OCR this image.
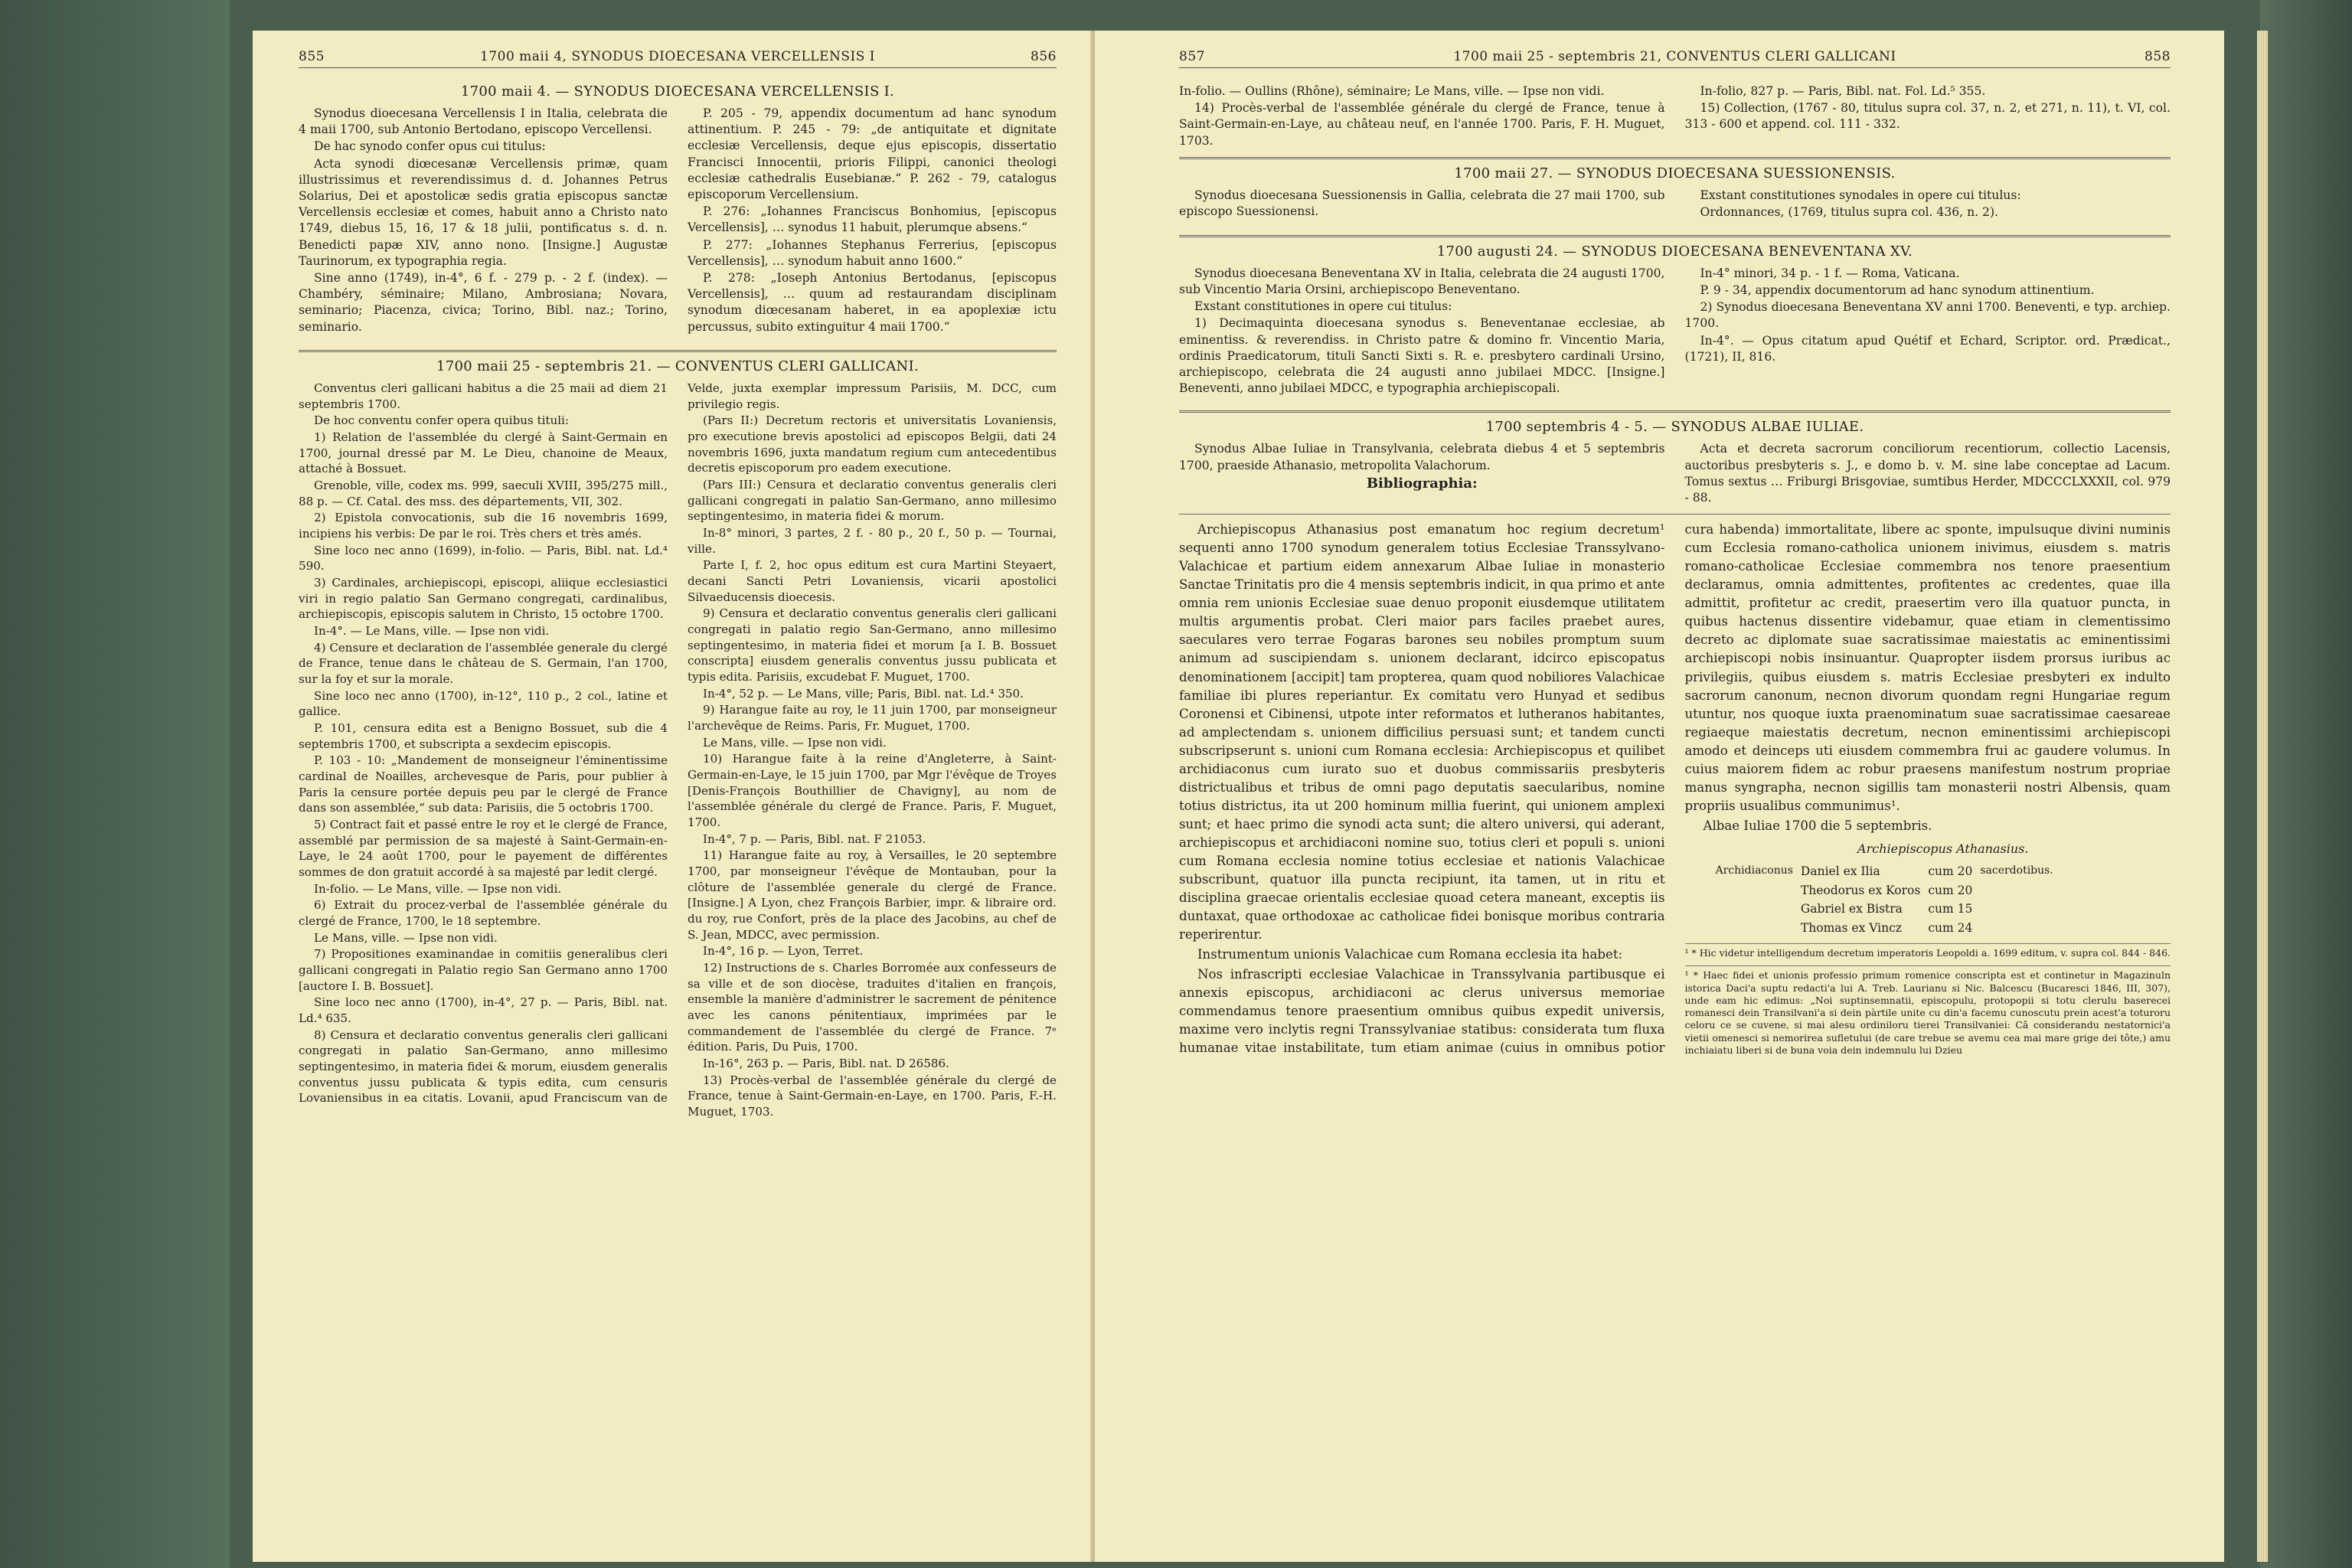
855	1700 maii 4, SYNODUS DIOECESANA VERCELLENSIS I	856
1700 maii 4. — SYNODUS DIOECESANA VERCELLENSIS I.

Synodus dioecesana Vercellensis I in Italia, celebrata die 4 maii 1700, sub Antonio Bertodano, episcopo Vercellensi.

De hac synodo confer opus cui titulus:

Acta synodi diœcesanæ Vercellensis primæ, quam illustrissimus et reverendissimus d. d. Johannes Petrus Solarius, Dei et apostolicæ sedis gratia episcopus sanctæ Vercellensis ecclesiæ et comes, habuit anno a Christo nato 1749, diebus 15, 16, 17 & 18 julii, pontificatus s. d. n. Benedicti papæ XIV, anno nono. [Insigne.] Augustæ Taurinorum, ex typographia regia.

Sine anno (1749), in-4°, 6 f. - 279 p. - 2 f. (index). — Chambéry, séminaire; Milano, Ambrosiana; Novara, seminario; Piacenza, civica; Torino, Bibl. naz.; Torino, seminario.

P. 205 - 79, appendix documentum ad hanc synodum attinentium. P. 245 - 79: „de antiquitate et dignitate ecclesiæ Vercellensis, deque ejus episcopis, dissertatio Francisci Innocentii, prioris Filippi, canonici theologi ecclesiæ cathedralis Eusebianæ.“ P. 262 - 79, catalogus episcoporum Vercellensium.

P. 276: „Iohannes Franciscus Bonhomius, [episcopus Vercellensis], … synodus 11 habuit, plerumque absens.“

P. 277: „Iohannes Stephanus Ferrerius, [episcopus Vercellensis], … synodum habuit anno 1600.“

P. 278: „Ioseph Antonius Bertodanus, [episcopus Vercellensis], … quum ad restaurandam disciplinam synodum diœcesanam haberet, in ea apoplexiæ ictu percussus, subito extinguitur 4 maii 1700.“

1700 maii 25 - septembris 21. — CONVENTUS CLERI GALLICANI.

Conventus cleri gallicani habitus a die 25 maii ad diem 21 septembris 1700.

De hoc conventu confer opera quibus tituli:

1) Relation de l'assemblée du clergé à Saint-Germain en 1700, journal dressé par M. Le Dieu, chanoine de Meaux, attaché à Bossuet.

Grenoble, ville, codex ms. 999, saeculi XVIII, 395/275 mill., 88 p. — Cf. Catal. des mss. des départements, VII, 302.

2) Epistola convocationis, sub die 16 novembris 1699, incipiens his verbis: De par le roi. Très chers et très amés.

Sine loco nec anno (1699), in-folio. — Paris, Bibl. nat. Ld.⁴ 590.

3) Cardinales, archiepiscopi, episcopi, aliique ecclesiastici viri in regio palatio San Germano congregati, cardinalibus, archiepiscopis, episcopis salutem in Christo, 15 octobre 1700.

In-4°. — Le Mans, ville. — Ipse non vidi.

4) Censure et declaration de l'assemblée generale du clergé de France, tenue dans le château de S. Germain, l'an 1700, sur la foy et sur la morale.

Sine loco nec anno (1700), in-12°, 110 p., 2 col., latine et gallice.

P. 101, censura edita est a Benigno Bossuet, sub die 4 septembris 1700, et subscripta a sexdecim episcopis.

P. 103 - 10: „Mandement de monseigneur l'éminentissime cardinal de Noailles, archevesque de Paris, pour publier à Paris la censure portée depuis peu par le clergé de France dans son assemblée,“ sub data: Parisiis, die 5 octobris 1700.

5) Contract fait et passé entre le roy et le clergé de France, assemblé par permission de sa majesté à Saint-Germain-en-Laye, le 24 août 1700, pour le payement de différentes sommes de don gratuit accordé à sa majesté par ledit clergé.

In-folio. — Le Mans, ville. — Ipse non vidi.

6) Extrait du procez-verbal de l'assemblée générale du clergé de France, 1700, le 18 septembre.

Le Mans, ville. — Ipse non vidi.

7) Propositiones examinandae in comitiis generalibus cleri gallicani congregati in Palatio regio San Germano anno 1700 [auctore I. B. Bossuet].

Sine loco nec anno (1700), in-4°, 27 p. — Paris, Bibl. nat. Ld.⁴ 635.

8) Censura et declaratio conventus generalis cleri gallicani congregati in palatio San-Germano, anno millesimo septingentesimo, in materia fidei & morum, eiusdem generalis conventus jussu publicata & typis edita, cum censuris Lovaniensibus in ea citatis. Lovanii, apud Franciscum van de Velde, juxta exemplar impressum Parisiis, M. DCC, cum privilegio regis.

(Pars II:) Decretum rectoris et universitatis Lovaniensis, pro executione brevis apostolici ad episcopos Belgii, dati 24 novembris 1696, juxta mandatum regium cum antecedentibus decretis episcoporum pro eadem executione.

(Pars III:) Censura et declaratio conventus generalis cleri gallicani congregati in palatio San-Germano, anno millesimo septingentesimo, in materia fidei & morum.

In-8° minori, 3 partes, 2 f. - 80 p., 20 f., 50 p. — Tournai, ville.

Parte I, f. 2, hoc opus editum est cura Martini Steyaert, decani Sancti Petri Lovaniensis, vicarii apostolici Silvaeducensis dioecesis.

9) Censura et declaratio conventus generalis cleri gallicani congregati in palatio regio San-Germano, anno millesimo septingentesimo, in materia fidei et morum [a I. B. Bossuet conscripta] eiusdem generalis conventus jussu publicata et typis edita. Parisiis, excudebat F. Muguet, 1700.

In-4°, 52 p. — Le Mans, ville; Paris, Bibl. nat. Ld.⁴ 350.

9) Harangue faite au roy, le 11 juin 1700, par monseigneur l'archevêque de Reims. Paris, Fr. Muguet, 1700.

Le Mans, ville. — Ipse non vidi.

10) Harangue faite à la reine d'Angleterre, à Saint-Germain-en-Laye, le 15 juin 1700, par Mgr l'évêque de Troyes [Denis-François Bouthillier de Chavigny], au nom de l'assemblée générale du clergé de France. Paris, F. Muguet, 1700.

In-4°, 7 p. — Paris, Bibl. nat. F 21053.

11) Harangue faite au roy, à Versailles, le 20 septembre 1700, par monseigneur l'évêque de Montauban, pour la clôture de l'assemblée generale du clergé de France. [Insigne.] A Lyon, chez François Barbier, impr. & libraire ord. du roy, rue Confort, près de la place des Jacobins, au chef de S. Jean, MDCC, avec permission.

In-4°, 16 p. — Lyon, Terret.

12) Instructions de s. Charles Borromée aux confesseurs de sa ville et de son diocèse, traduites d'italien en françois, ensemble la manière d'administrer le sacrement de pénitence avec les canons pénitentiaux, imprimées par le commandement de l'assemblée du clergé de France. 7ᵉ édition. Paris, Du Puis, 1700.

In-16°, 263 p. — Paris, Bibl. nat. D 26586.

13) Procès-verbal de l'assemblée générale du clergé de France, tenue à Saint-Germain-en-Laye, en 1700. Paris, F.-H. Muguet, 1703.

857	1700 maii 25 - septembris 21, CONVENTUS CLERI GALLICANI	858

In-folio. — Oullins (Rhône), séminaire; Le Mans, ville. — Ipse non vidi.

14) Procès-verbal de l'assemblée générale du clergé de France, tenue à Saint-Germain-en-Laye, au château neuf, en l'année 1700. Paris, F. H. Muguet, 1703.

In-folio, 827 p. — Paris, Bibl. nat. Fol. Ld.⁵ 355.

15) Collection, (1767 - 80, titulus supra col. 37, n. 2, et 271, n. 11), t. VI, col. 313 - 600 et append. col. 111 - 332.

1700 maii 27. — SYNODUS DIOECESANA SUESSIONENSIS.

Synodus dioecesana Suessionensis in Gallia, celebrata die 27 maii 1700, sub episcopo Suessionensi.

Exstant constitutiones synodales in opere cui titulus:

Ordonnances, (1769, titulus supra col. 436, n. 2).

1700 augusti 24. — SYNODUS DIOECESANA BENEVENTANA XV.

Synodus dioecesana Beneventana XV in Italia, celebrata die 24 augusti 1700, sub Vincentio Maria Orsini, archiepiscopo Beneventano.

Exstant constitutiones in opere cui titulus:

1) Decimaquinta dioecesana synodus s. Beneventanae ecclesiae, ab eminentiss. & reverendiss. in Christo patre & domino fr. Vincentio Maria, ordinis Praedicatorum, tituli Sancti Sixti s. R. e. presbytero cardinali Ursino, archiepiscopo, celebrata die 24 augusti anno jubilaei MDCC. [Insigne.] Beneventi, anno jubilaei MDCC, e typographia archiepiscopali.

In-4° minori, 34 p. - 1 f. — Roma, Vaticana.

P. 9 - 34, appendix documentorum ad hanc synodum attinentium.

2) Synodus dioecesana Beneventana XV anni 1700. Beneventi, e typ. archiep. 1700.

In-4°. — Opus citatum apud Quétif et Echard, Scriptor. ord. Prædicat., (1721), II, 816.

1700 septembris 4 - 5. — SYNODUS ALBAE IULIAE.

Synodus Albae Iuliae in Transylvania, celebrata diebus 4 et 5 septembris 1700, praeside Athanasio, metropolita Valachorum.

Bibliographia:

Acta et decreta sacrorum conciliorum recentiorum, collectio Lacensis, auctoribus presbyteris s. J., e domo b. v. M. sine labe conceptae ad Lacum. Tomus sextus … Friburgi Brisgoviae, sumtibus Herder, MDCCCLXXXII, col. 979 - 88.

Archiepiscopus Athanasius post emanatum hoc regium decretum¹ sequenti anno 1700 synodum generalem totius Ecclesiae Transsylvano-Valachicae et partium eidem annexarum Albae Iuliae in monasterio Sanctae Trinitatis pro die 4 mensis septembris indicit, in qua primo et ante omnia rem unionis Ecclesiae suae denuo proponit eiusdemque utilitatem multis argumentis probat. Cleri maior pars faciles praebet aures, saeculares vero terrae Fogaras barones seu nobiles promptum suum animum ad suscipiendam s. unionem declarant, idcirco episcopatus denominationem [accipit] tam propterea, quam quod nobiliores Valachicae familiae ibi plures reperiantur. Ex comitatu vero Hunyad et sedibus Coronensi et Cibinensi, utpote inter reformatos et lutheranos habitantes, ad amplectendam s. unionem difficilius persuasi sunt; et tandem cuncti subscripserunt s. unioni cum Romana ecclesia: Archiepiscopus et quilibet archidiaconus cum iurato suo et duobus commissariis presbyteris districtualibus et tribus de omni pago deputatis saecularibus, nomine totius districtus, ita ut 200 hominum millia fuerint, qui unionem amplexi sunt; et haec primo die synodi acta sunt; die altero universi, qui aderant, archiepiscopus et archidiaconi nomine suo, totius cleri et populi s. unioni cum Romana ecclesia nomine totius ecclesiae et nationis Valachicae subscribunt, quatuor illa puncta recipiunt, ita tamen, ut in ritu et disciplina graecae orientalis ecclesiae quoad cetera maneant, exceptis iis duntaxat, quae orthodoxae ac catholicae fidei bonisque moribus contraria reperirentur.

Instrumentum unionis Valachicae cum Romana ecclesia ita habet:

Nos infrascripti ecclesiae Valachicae in Transsylvania partibusque ei annexis episcopus, archidiaconi ac clerus universus memoriae commendamus tenore praesentium omnibus quibus expedit universis, maxime vero inclytis regni Transsylvaniae statibus: considerata tum fluxa humanae vitae instabilitate, tum etiam animae (cuius in omnibus potior cura habenda) immortalitate, libere ac sponte, impulsuque divini numinis cum Ecclesia romano-catholica unionem inivimus, eiusdem s. matris romano-catholicae Ecclesiae commembra nos tenore praesentium declaramus, omnia admittentes, profitentes ac credentes, quae illa admittit, profitetur ac credit, praesertim vero illa quatuor puncta, in quibus hactenus dissentire videbamur, quae etiam in clementissimo decreto ac diplomate suae sacratissimae maiestatis ac eminentissimi archiepiscopi nobis insinuantur. Quapropter iisdem prorsus iuribus ac privilegiis, quibus eiusdem s. matris Ecclesiae presbyteri ex indulto sacrorum canonum, necnon divorum quondam regni Hungariae regum utuntur, nos quoque iuxta praenominatum suae sacratissimae caesareae regiaeque maiestatis decretum, necnon eminentissimi archiepiscopi amodo et deinceps uti eiusdem commembra frui ac gaudere volumus. In cuius maiorem fidem ac robur praesens manifestum nostrum propriae manus syngrapha, necnon sigillis tam monasterii nostri Albensis, quam propriis usualibus communimus¹.

Albae Iuliae 1700 die 5 septembris.

Archiepiscopus Athanasius.
Archidiaconus	Daniel ex Ilia	cum 20	sacerdotibus.
	Theodorus ex Koros	cum 20	
	Gabriel ex Bistra	cum 15	
	Thomas ex Vincz	cum 24	
¹ * Hic videtur intelligendum decretum imperatoris Leopoldi a. 1699 editum, v. supra col. 844 - 846.
¹ * Haec fidei et unionis professio primum romenice conscripta est et continetur in Magazinuln istorica Daci'a suptu redacti'a lui A. Treb. Laurianu si Nic. Balcescu (Bucaresci 1846, III, 307), unde eam hic edimus: „Noi suptinsemnatii, episcopulu, protopopii si totu clerulu baserecei romanesci dein Transilvani'a si dein pàrtile unite cu din'a facemu cunoscutu prein acest'a toturoru celoru ce se cuvene, si mai alesu ordiniloru tierei Transilvaniei: Câ considerandu nestatornici'a vietii omenesci si nemorirea sufletului (de care trebue se avemu cea mai mare grige dei tôte,) amu inchiaiatu liberi si de buna voia dein indemnulu lui Dzieu
